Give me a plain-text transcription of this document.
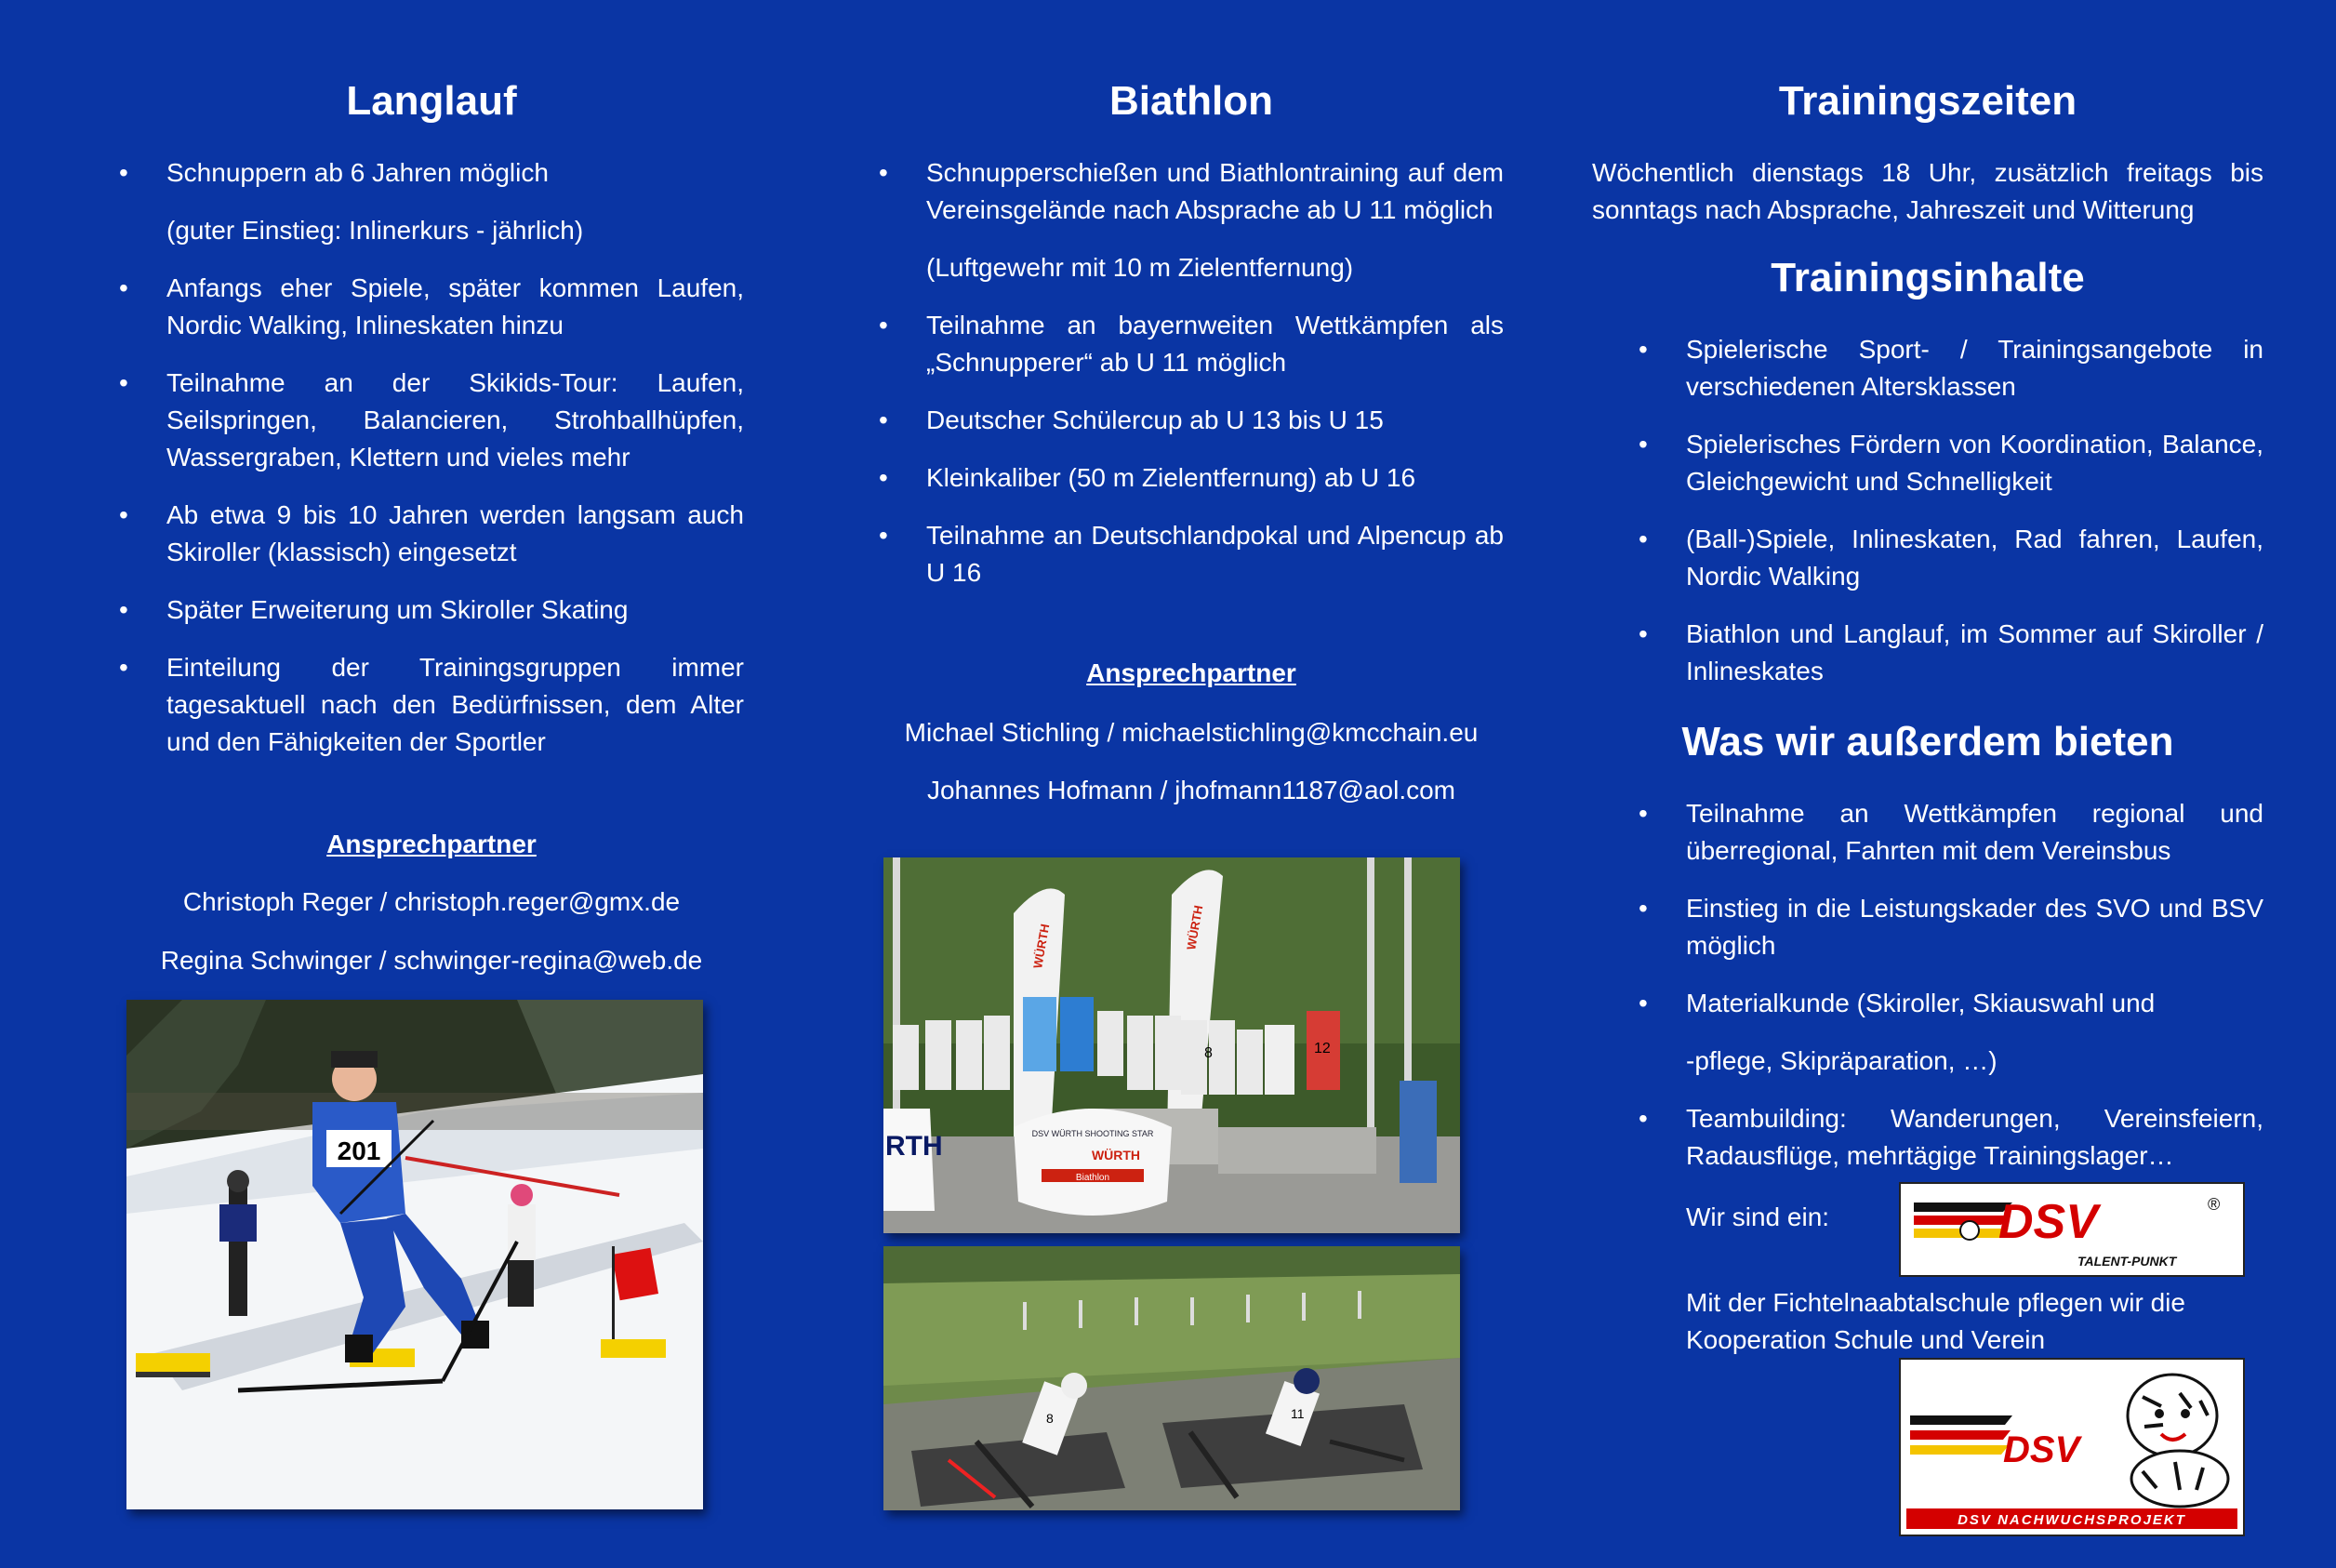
Langlauf
• Schnuppern ab 6 Jahren möglich
(guter Einstieg: Inlinerkurs - jährlich)
• Anfangs eher Spiele, später kommen Laufen, Nordic Walking, Inlineskaten hinzu
• Teilnahme an der Skikids-Tour: Laufen, Seilspringen, Balancieren, Strohballhüpfen, Wassergraben, Klettern und vieles mehr
• Ab etwa 9 bis 10 Jahren werden langsam auch Skiroller (klassisch) eingesetzt
• Später Erweiterung um Skiroller Skating
• Einteilung der Trainingsgruppen immer tagesaktuell nach den Bedürfnissen, dem Alter und den Fähigkeiten der Sportler
Ansprechpartner
Christoph Reger / christoph.reger@gmx.de
Regina Schwinger / schwinger-regina@web.de
201
Biathlon
• Schnupperschießen und Biathlontraining auf dem Vereinsgelände nach Absprache ab U 11 möglich
(Luftgewehr mit 10 m Zielentfernung)
• Teilnahme an bayernweiten Wettkämpfen als „Schnupperer“ ab U 11 möglich
• Deutscher Schülercup ab U 13 bis U 15
• Kleinkaliber (50 m Zielentfernung) ab U 16
• Teilnahme an Deutschlandpokal und Alpencup ab U 16
Ansprechpartner
Michael Stichling / michaelstichling@kmcchain.eu
Johannes Hofmann / jhofmann1187@aol.com
WÜRTH	WÜRTH
8	12
RTH	DSV WÜRTH SHOOTING STAR
WÜRTH
Biathlon
8	11
Trainingszeiten

Wöchentlich dienstags 18 Uhr, zusätzlich freitags bis sonntags nach Absprache, Jahreszeit und Witterung

Trainingsinhalte
• Spielerische Sport- / Trainingsangebote in verschiedenen Altersklassen
• Spielerisches Fördern von Koordination, Balance, Gleichgewicht und Schnelligkeit
• (Ball-)Spiele, Inlineskaten, Rad fahren, Laufen, Nordic Walking
• Biathlon und Langlauf, im Sommer auf Skiroller / Inlineskates
Was wir außerdem bieten
• Teilnahme an Wettkämpfen regional und überregional, Fahrten mit dem Vereinsbus
• Einstieg in die Leistungskader des SVO und BSV möglich
• Materialkunde (Skiroller, Skiauswahl und
-pflege, Skipräparation, …)
• Teambuilding: Wanderungen, Vereinsfeiern, Radausflüge, mehrtägige Trainingslager…
Wir sind ein:
Mit der Fichtelnaabtalschule pflegen wir die Kooperation Schule und Verein
DSV	®
TALENT-PUNKT
DSV
DSV NACHWUCHSPROJEKT
